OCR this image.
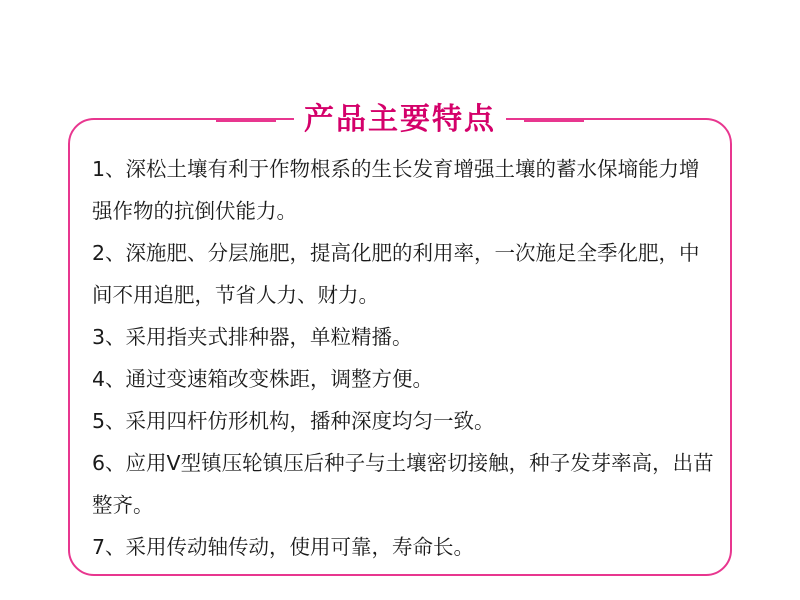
产品主要特点

1、深松土壤有利于作物根系的生长发育增强土壤的蓄水保墒能力增强作物的抗倒伏能力。

2、深施肥、分层施肥，提高化肥的利用率，一次施足全季化肥，中间不用追肥，节省人力、财力。

3、采用指夹式排种器，单粒精播。

4、通过变速箱改变株距，调整方便。

5、采用四杆仿形机构，播种深度均匀一致。

6、应用V型镇压轮镇压后种子与土壤密切接触，种子发芽率高，出苗整齐。

7、采用传动轴传动，使用可靠，寿命长。
